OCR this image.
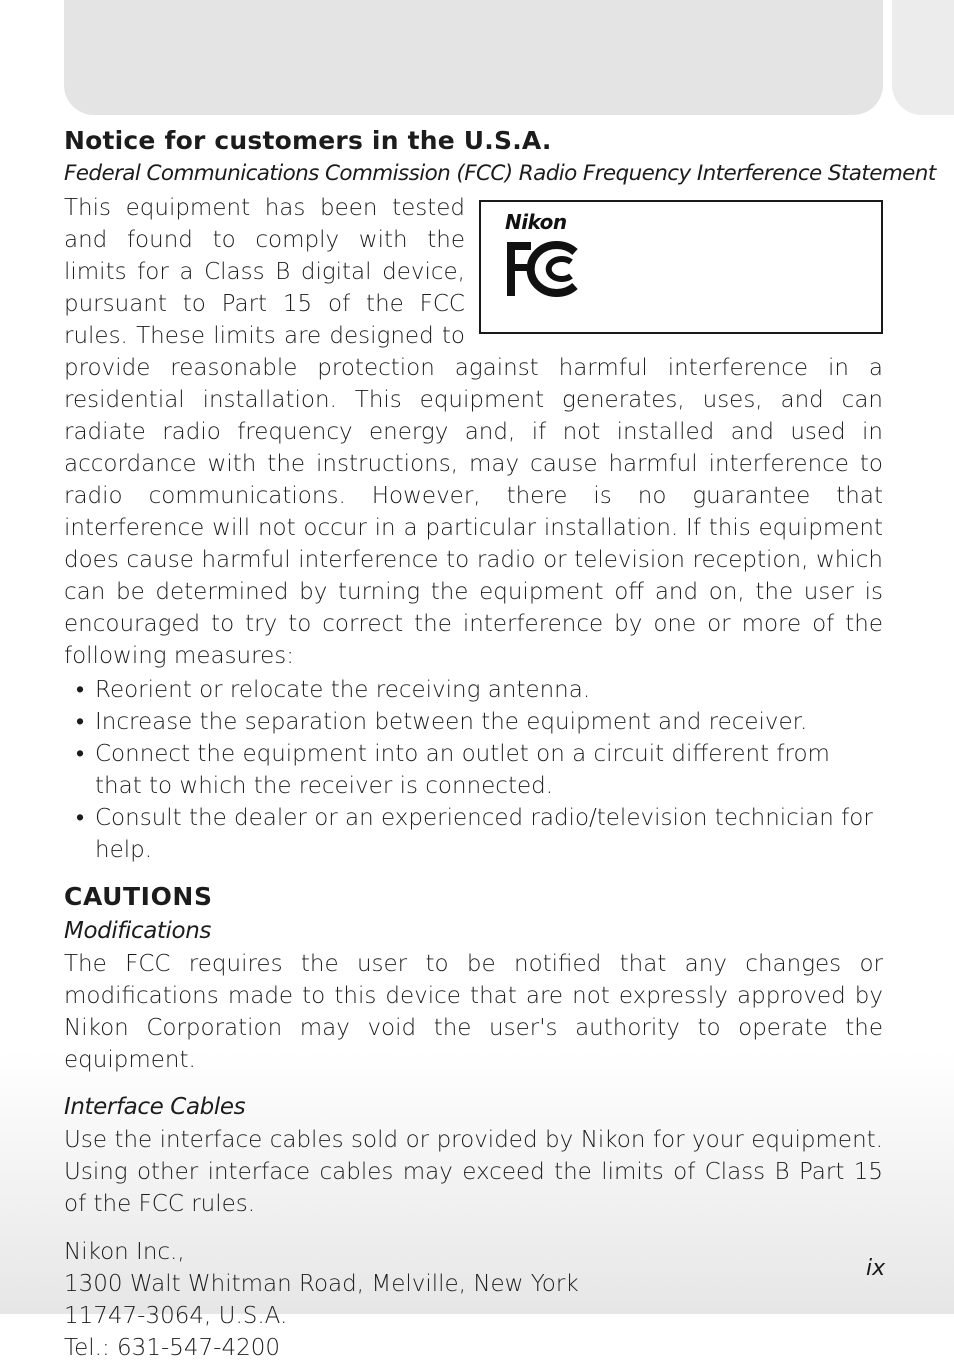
Notice for customers in the U.S.A.
Federal Communications Commission (FCC) Radio Frequency Interference Statement
Nikon
This equipment has been tested and found to comply with the limits for a Class B digital device, pursuant to Part 15 of the FCC rules. These limits are designed to provide reasonable protection against harmful interference in a residential installation. This equipment generates, uses, and can radiate radio frequency energy and, if not installed and used in accordance with the instructions, may cause harmful interference to radio communications. However, there is no guarantee that interference will not occur in a particular installation. If this equipment does cause harmful interference to radio or television reception, which can be determined by turning the equipment off and on, the user is encouraged to try to correct the interference by one or more of the following measures:
• Reorient or relocate the receiving antenna.
• Increase the separation between the equipment and receiver.
• Connect the equipment into an outlet on a circuit different from that to which the receiver is connected.
• Consult the dealer or an experienced radio/television technician for help.
CAUTIONS
Modifications

The FCC requires the user to be notified that any changes or modifications made to this device that are not expressly approved by Nikon Corporation may void the user's authority to operate the equipment.

Interface Cables

Use the interface cables sold or provided by Nikon for your equipment. Using other interface cables may exceed the limits of Class B Part 15 of the FCC rules.

Nikon Inc.,
1300 Walt Whitman Road, Melville, New York
11747-3064, U.S.A.
Tel.: 631-547-4200
ix
